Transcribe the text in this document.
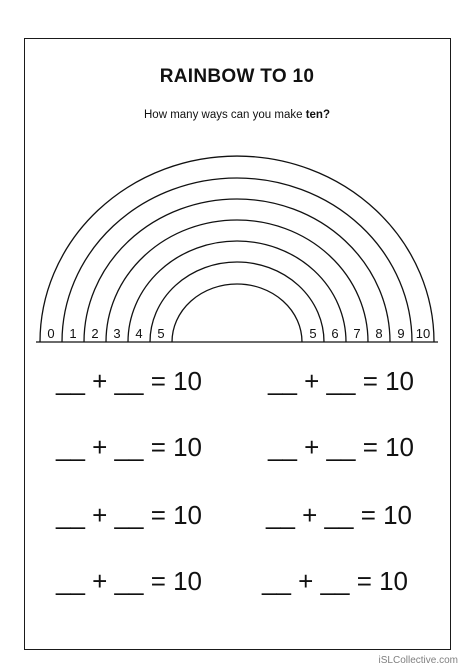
RAINBOW TO 10
How many ways can you make ten?
0 1 2 3 4 5	5 6 7 8 9 10
__ + __ = 10	__ + __ = 10
__ + __ = 10	__ + __ = 10
__ + __ = 10 __ + __ = 10
__ + __ = 10 __ + __ = 10
iSLCollective.com
